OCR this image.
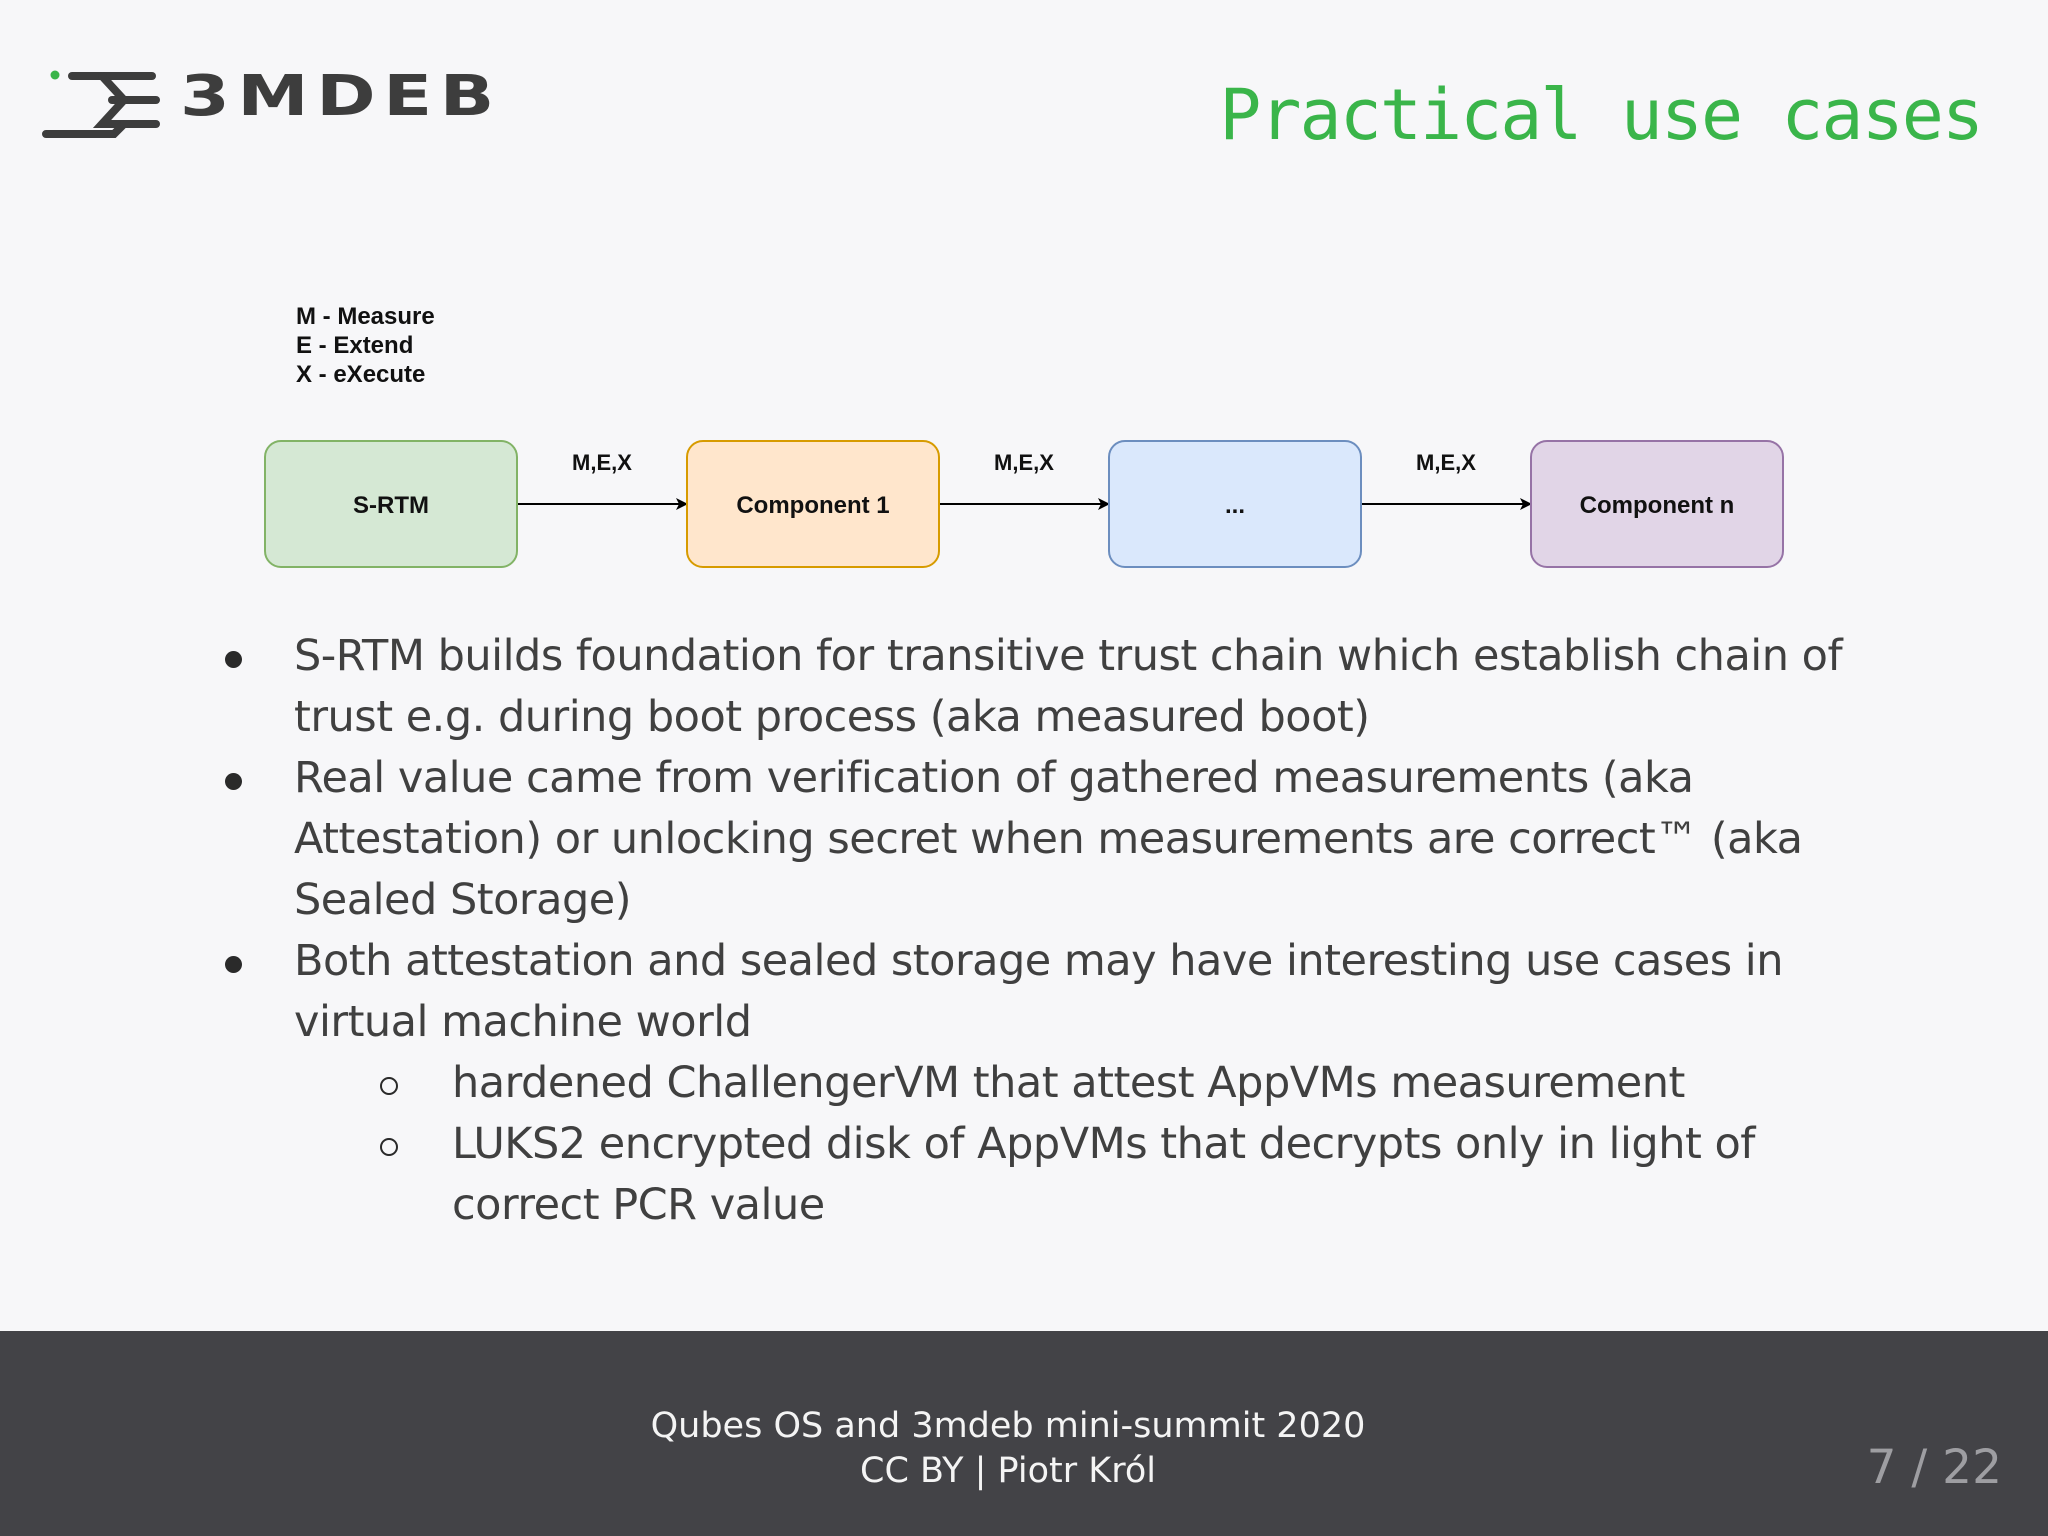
3MDEB	Practical use cases
M - Measure
E - Extend
X - eXecute
M,E,X	M,E,X	M,E,X
S-RTM	Component 1	...	Component n
S-RTM builds foundation for transitive trust chain which establish chain of
trust e.g. during boot process (aka measured boot)
Real value came from verification of gathered measurements (aka
Attestation) or unlocking secret when measurements are correct™ (aka
Sealed Storage)
Both attestation and sealed storage may have interesting use cases in
virtual machine world
hardened ChallengerVM that attest AppVMs measurement
LUKS2 encrypted disk of AppVMs that decrypts only in light of
correct PCR value
Qubes OS and 3mdeb mini-summit 2020
CC BY | Piotr Król	7 / 22
